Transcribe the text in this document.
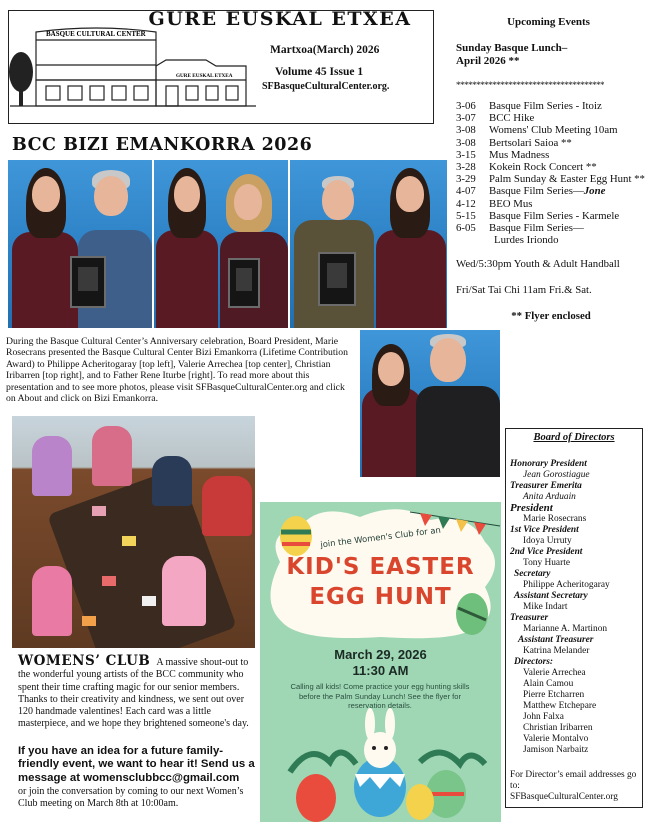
GURE EUSKAL ETXEA
BASQUE CULTURAL CENTER
GURE EUSKAL ETXEA
Martxoa(March) 2026
Volume 45 Issue 1
SFBasqueCulturalCenter.org.
Upcoming Events
Sunday Basque Lunch–
April 2026 **
*************************************
3-06	Basque Film Series - Itoiz
3-07	BCC Hike
3-08	Womens' Club Meeting 10am
3-08	Bertsolari Saioa **
3-15	Mus Madness
3-28	Kokein Rock Concert **
3-29	Palm Sunday & Easter Egg Hunt **
4-07	Basque Film Series—Jone
4-12	BEO Mus
5-15	Basque Film Series - Karmele
6-05	Basque Film Series—
Lurdes Iriondo
Wed/5:30pm Youth & Adult Handball
Fri/Sat Tai Chi 11am Fri.& Sat.
** Flyer enclosed
BCC BIZI EMANKORRA 2026
During the Basque Cultural Center’s Anniversary celebration, Board President, Marie Rosecrans presented the Basque Cultural Center Bizi Emankorra (Lifetime Contribution Award) to Philippe Acheritogaray [top left], Valerie Arrechea [top center], Christian Iribarren [top right], and to Father Rene Iturbe [right]. To read more about this presentation and to see more photos, please visit SFBasqueCulturalCenter.org and click on About and click on Bizi Emankorra.
Board of Directors
Honorary President
Jean Gorostiague
Treasurer Emerita
Anita Arduain
President
Marie Rosecrans
1st Vice President
Idoya Urruty
2nd Vice President
Tony Huarte
Secretary
Philippe Acheritogaray
Assistant Secretary
Mike Indart
Treasurer
Marianne A. Martinon
Assistant Treasurer
Katrina Melander
Directors:
Valerie Arrechea
Alain Camou
Pierre Etcharren
Matthew Etchepare
John Falxa
Christian Iribarren
Valerie Montalvo
Jamison Narbaitz
For Director’s email addresses go to:
SFBasqueCulturalCenter.org
WOMENS’ CLUB A massive shout-out to the wonderful young artists of the BCC community who spent their time crafting magic for our senior members. Thanks to their creativity and kindness, we sent out over 120 handmade valentines! Each card was a little masterpiece, and we hope they brightened someone's day.
If you have an idea for a future family-friendly event, we want to hear it! Send us a message at womensclubbcc@gmail.com
or join the conversation by coming to our next Women’s Club meeting on March 8th at 10:00am.
join the Women's Club for an
KID'S EASTER
EGG HUNT
March 29, 2026
11:30 AM
Calling all kids! Come practice your egg hunting skills before the Palm Sunday Lunch! See the flyer for reservation details.
